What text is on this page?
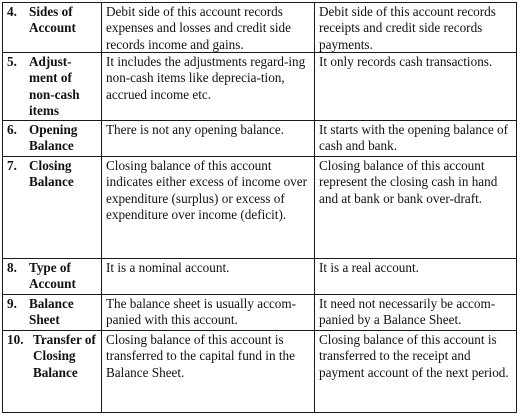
4. Sides of Account
Debit side of this account records expenses and losses and credit side records income and gains.
Debit side of this account records receipts and credit side records payments.
5. Adjust-ment of non-cash items
It includes the adjustments regard-ing non-cash items like deprecia-tion, accrued income etc.
It only records cash transactions.
6. Opening Balance
There is not any opening balance.	It starts with the opening balance of cash and bank.
7. Closing Balance
Closing balance of this account indicates either excess of income over expenditure (surplus) or excess of expenditure over income (deficit).
Closing balance of this account represent the closing cash in hand and at bank or bank over-draft.
8. Type of Account
It is a nominal account.	It is a real account.
9. Balance Sheet
The balance sheet is usually accom-panied with this account.
It need not necessarily be accom-panied by a Balance Sheet.
10. Transfer of Closing Balance
Closing balance of this account is transferred to the capital fund in the Balance Sheet.
Closing balance of this account is transferred to the receipt and payment account of the next period.
